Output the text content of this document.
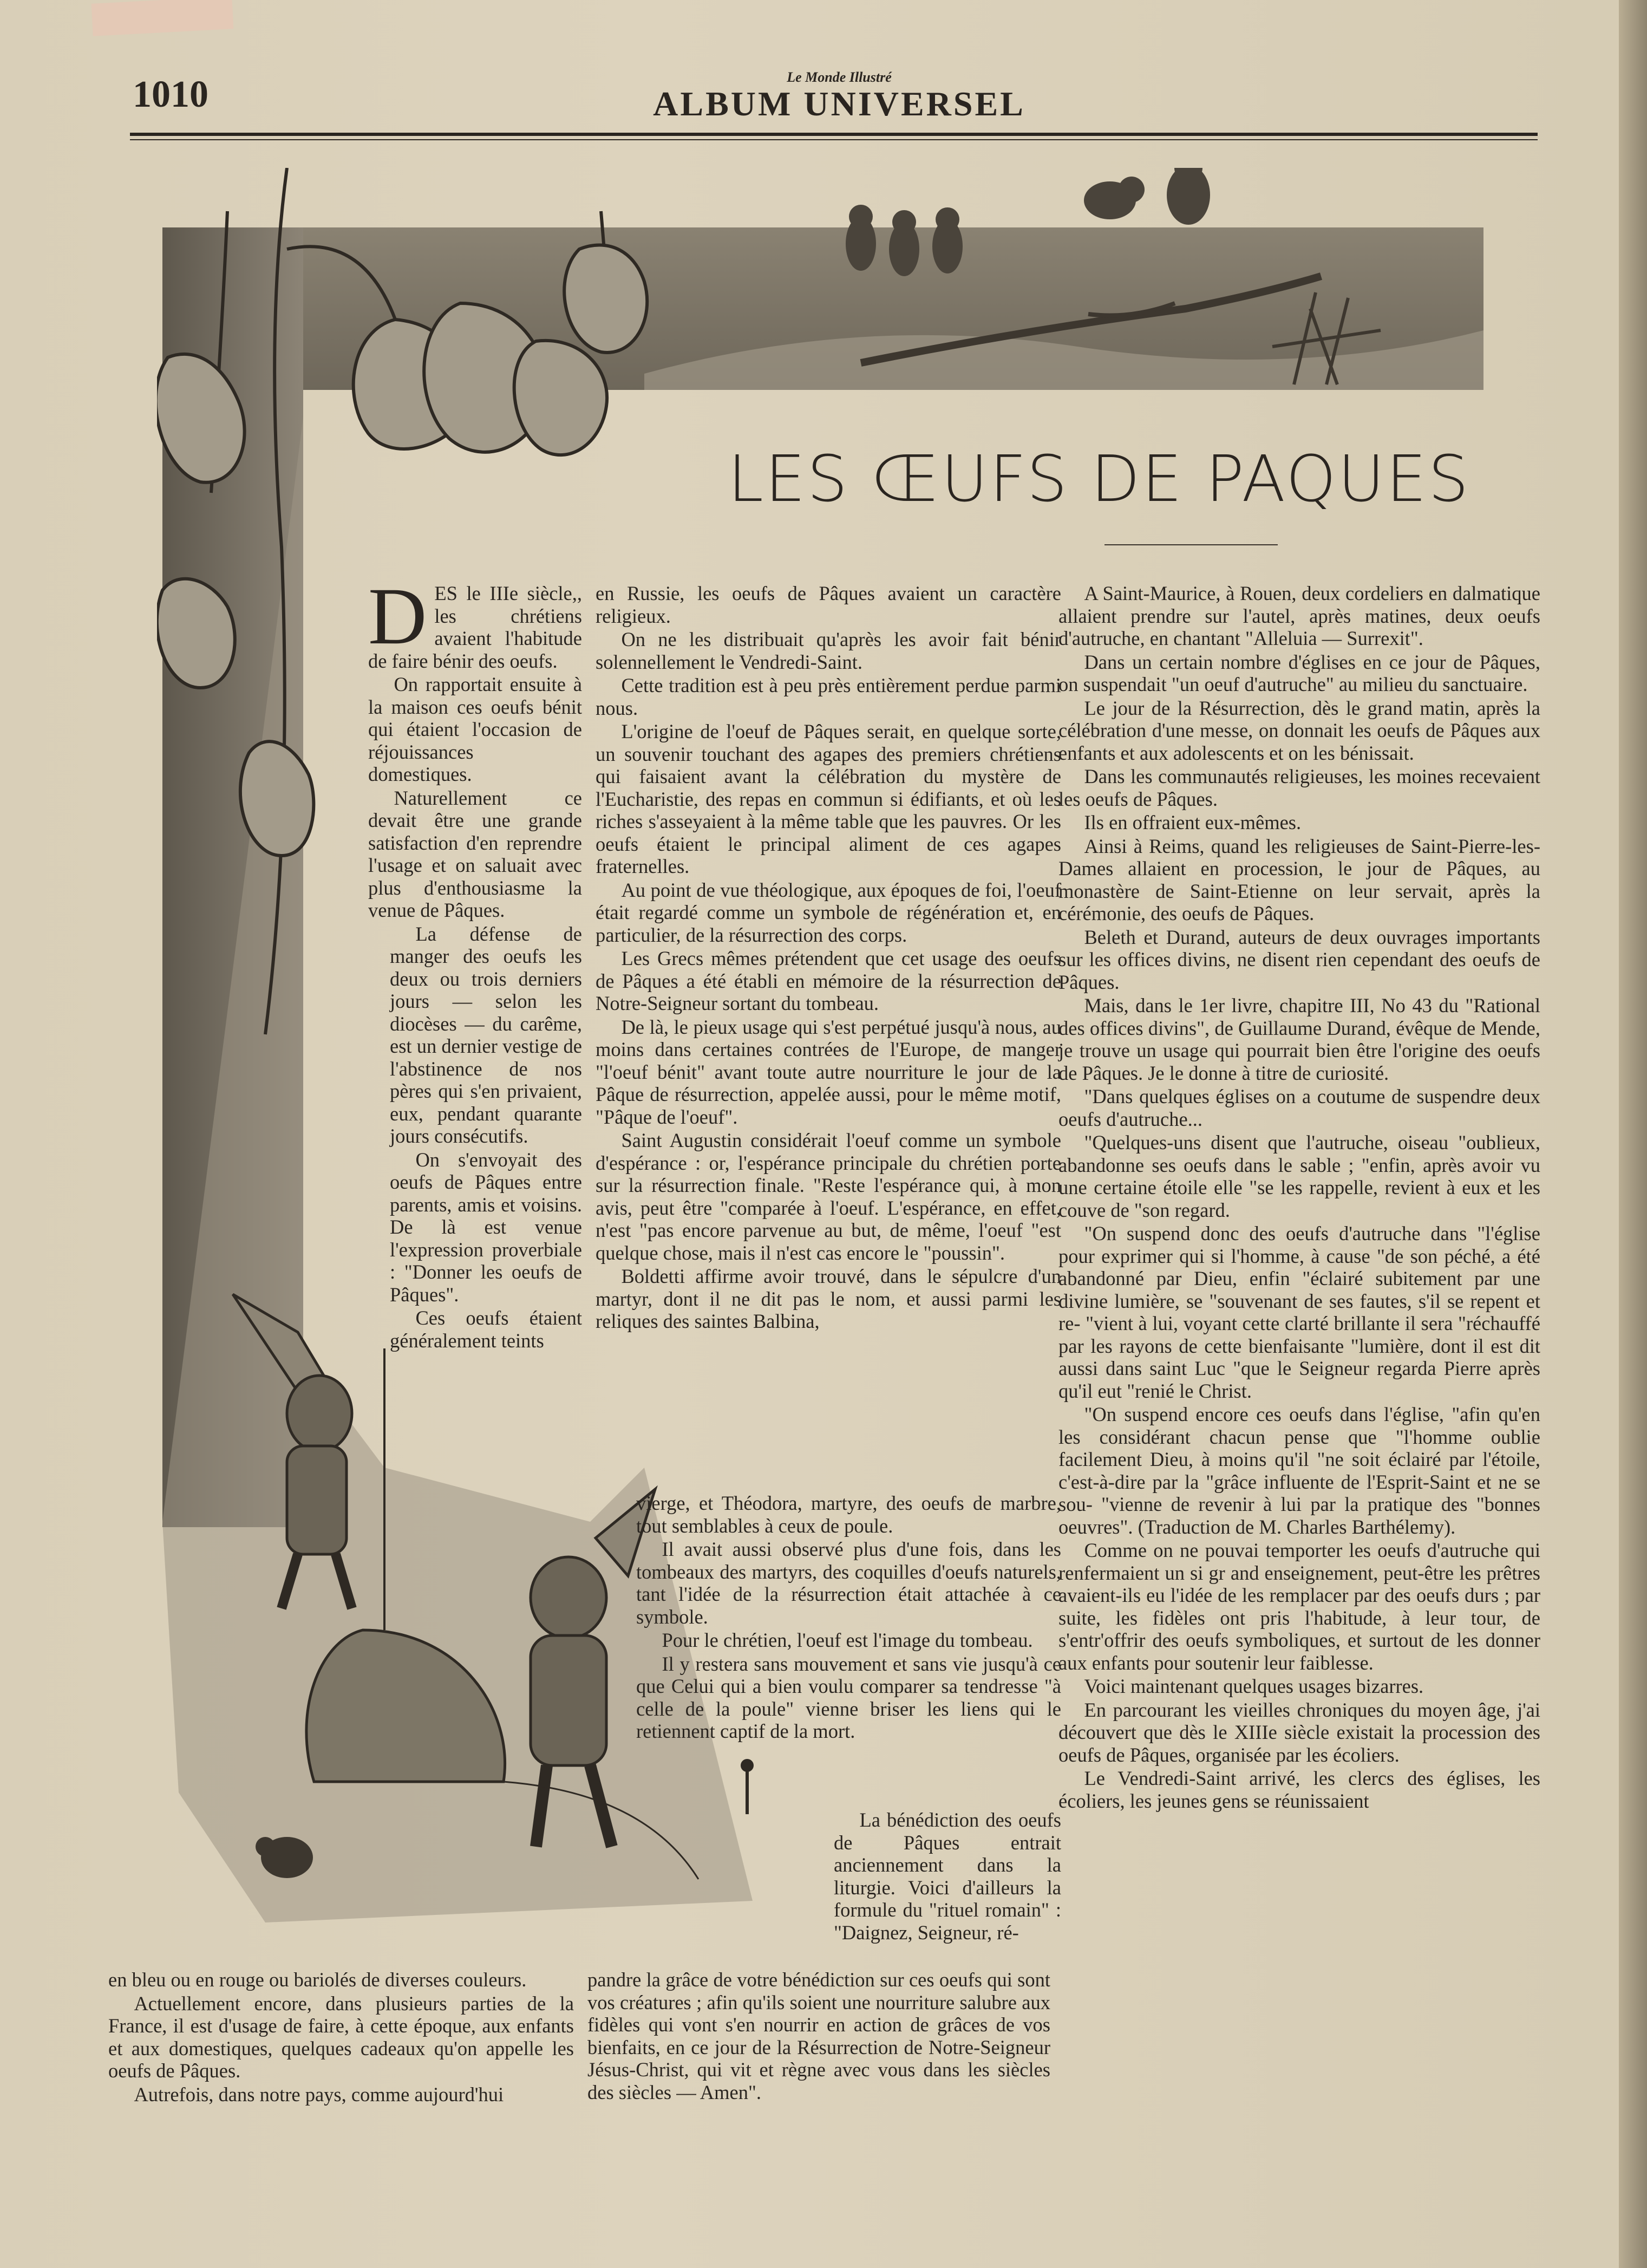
1010	Le Monde Illustré
ALBUM UNIVERSEL
LES ŒUFS DE PAQUES
D ES le IIIe siècle,, les chrétiens avaient l'habitude de faire bénir des oeufs.

On rapportait ensuite à la maison ces oeufs bénit qui étaient l'occasion de réjouissances domestiques.

Naturellement ce devait être une grande satisfaction d'en reprendre l'usage et on saluait avec plus d'enthousiasme la venue de Pâques.

La défense de manger des oeufs les deux ou trois derniers jours — selon les diocèses — du carême, est un dernier vestige de l'abstinence de nos pères qui s'en privaient, eux, pendant quarante jours consécutifs.

On s'envoyait des oeufs de Pâques entre parents, amis et voisins. De là est venue l'expression proverbiale : "Donner les oeufs de Pâques".

Ces oeufs étaient généralement teints

en Russie, les oeufs de Pâques avaient un caractère religieux.

On ne les distribuait qu'après les avoir fait bénir solennellement le Vendredi-Saint.

Cette tradition est à peu près entièrement perdue parmi nous.

L'origine de l'oeuf de Pâques serait, en quelque sorte, un souvenir touchant des agapes des premiers chrétiens qui faisaient avant la célébration du mystère de l'Eucharistie, des repas en commun si édifiants, et où les riches s'asseyaient à la même table que les pauvres. Or les oeufs étaient le principal aliment de ces agapes fraternelles.

Au point de vue théologique, aux époques de foi, l'oeuf était regardé comme un symbole de régénération et, en particulier, de la résurrection des corps.

Les Grecs mêmes prétendent que cet usage des oeufs de Pâques a été établi en mémoire de la résurrection de Notre-Seigneur sortant du tombeau.

De là, le pieux usage qui s'est perpétué jusqu'à nous, au moins dans certaines contrées de l'Europe, de manger "l'oeuf bénit" avant toute autre nourriture le jour de la Pâque de résurrection, appelée aussi, pour le même motif, "Pâque de l'oeuf".

Saint Augustin considérait l'oeuf comme un symbole d'espérance : or, l'espérance principale du chrétien porte sur la résurrection finale. "Reste l'espérance qui, à mon avis, peut être "comparée à l'oeuf. L'espérance, en effet, n'est "pas encore parvenue au but, de même, l'oeuf "est quelque chose, mais il n'est cas encore le "poussin".

Boldetti affirme avoir trouvé, dans le sépulcre d'un martyr, dont il ne dit pas le nom, et aussi parmi les reliques des saintes Balbina,

vierge, et Théodora, martyre, des oeufs de marbre, tout semblables à ceux de poule.

Il avait aussi observé plus d'une fois, dans les tombeaux des martyrs, des coquilles d'oeufs naturels, tant l'idée de la résurrection était attachée à ce symbole.

Pour le chrétien, l'oeuf est l'image du tombeau.

Il y restera sans mouvement et sans vie jusqu'à ce que Celui qui a bien voulu comparer sa tendresse "à celle de la poule" vienne briser les liens qui le retiennent captif de la mort.

La bénédiction des oeufs de Pâques entrait anciennement dans la liturgie. Voici d'ailleurs la formule du "rituel romain" : "Daignez, Seigneur, ré-

en bleu ou en rouge ou bariolés de diverses couleurs.

Actuellement encore, dans plusieurs parties de la France, il est d'usage de faire, à cette époque, aux enfants et aux domestiques, quelques cadeaux qu'on appelle les oeufs de Pâques.

Autrefois, dans notre pays, comme aujourd'hui

pandre la grâce de votre bénédiction sur ces oeufs qui sont vos créatures ; afin qu'ils soient une nourriture salubre aux fidèles qui vont s'en nourrir en action de grâces de vos bienfaits, en ce jour de la Résurrection de Notre-Seigneur Jésus-Christ, qui vit et règne avec vous dans les siècles des siècles — Amen".

A Saint-Maurice, à Rouen, deux cordeliers en dalmatique allaient prendre sur l'autel, après matines, deux oeufs d'autruche, en chantant "Alleluia — Surrexit".

Dans un certain nombre d'églises en ce jour de Pâques, on suspendait "un oeuf d'autruche" au milieu du sanctuaire.

Le jour de la Résurrection, dès le grand matin, après la célébration d'une messe, on donnait les oeufs de Pâques aux enfants et aux adolescents et on les bénissait.

Dans les communautés religieuses, les moines recevaient les oeufs de Pâques.

Ils en offraient eux-mêmes.

Ainsi à Reims, quand les religieuses de Saint-Pierre-les-Dames allaient en procession, le jour de Pâques, au monastère de Saint-Etienne on leur servait, après la cérémonie, des oeufs de Pâques.

Beleth et Durand, auteurs de deux ouvrages importants sur les offices divins, ne disent rien cependant des oeufs de Pâques.

Mais, dans le 1er livre, chapitre III, No 43 du "Rational des offices divins", de Guillaume Durand, évêque de Mende, je trouve un usage qui pourrait bien être l'origine des oeufs de Pâques. Je le donne à titre de curiosité.

"Dans quelques églises on a coutume de suspendre deux oeufs d'autruche...

"Quelques-uns disent que l'autruche, oiseau "oublieux, abandonne ses oeufs dans le sable ; "enfin, après avoir vu une certaine étoile elle "se les rappelle, revient à eux et les couve de "son regard.

"On suspend donc des oeufs d'autruche dans "l'église pour exprimer qui si l'homme, à cause "de son péché, a été abandonné par Dieu, enfin "éclairé subitement par une divine lumière, se "souvenant de ses fautes, s'il se repent et re- "vient à lui, voyant cette clarté brillante il sera "réchauffé par les rayons de cette bienfaisante "lumière, dont il est dit aussi dans saint Luc "que le Seigneur regarda Pierre après qu'il eut "renié le Christ.

"On suspend encore ces oeufs dans l'église, "afin qu'en les considérant chacun pense que "l'homme oublie facilement Dieu, à moins qu'il "ne soit éclairé par l'étoile, c'est-à-dire par la "grâce influente de l'Esprit-Saint et ne se sou- "vienne de revenir à lui par la pratique des "bonnes oeuvres". (Traduction de M. Charles Barthélemy).

Comme on ne pouvai temporter les oeufs d'autruche qui renfermaient un si gr and enseignement, peut-être les prêtres avaient-ils eu l'idée de les remplacer par des oeufs durs ; par suite, les fidèles ont pris l'habitude, à leur tour, de s'entr'offrir des oeufs symboliques, et surtout de les donner aux enfants pour soutenir leur faiblesse.

Voici maintenant quelques usages bizarres.

En parcourant les vieilles chroniques du moyen âge, j'ai découvert que dès le XIIIe siècle existait la procession des oeufs de Pâques, organisée par les écoliers.

Le Vendredi-Saint arrivé, les clercs des églises, les écoliers, les jeunes gens se réunissaient
